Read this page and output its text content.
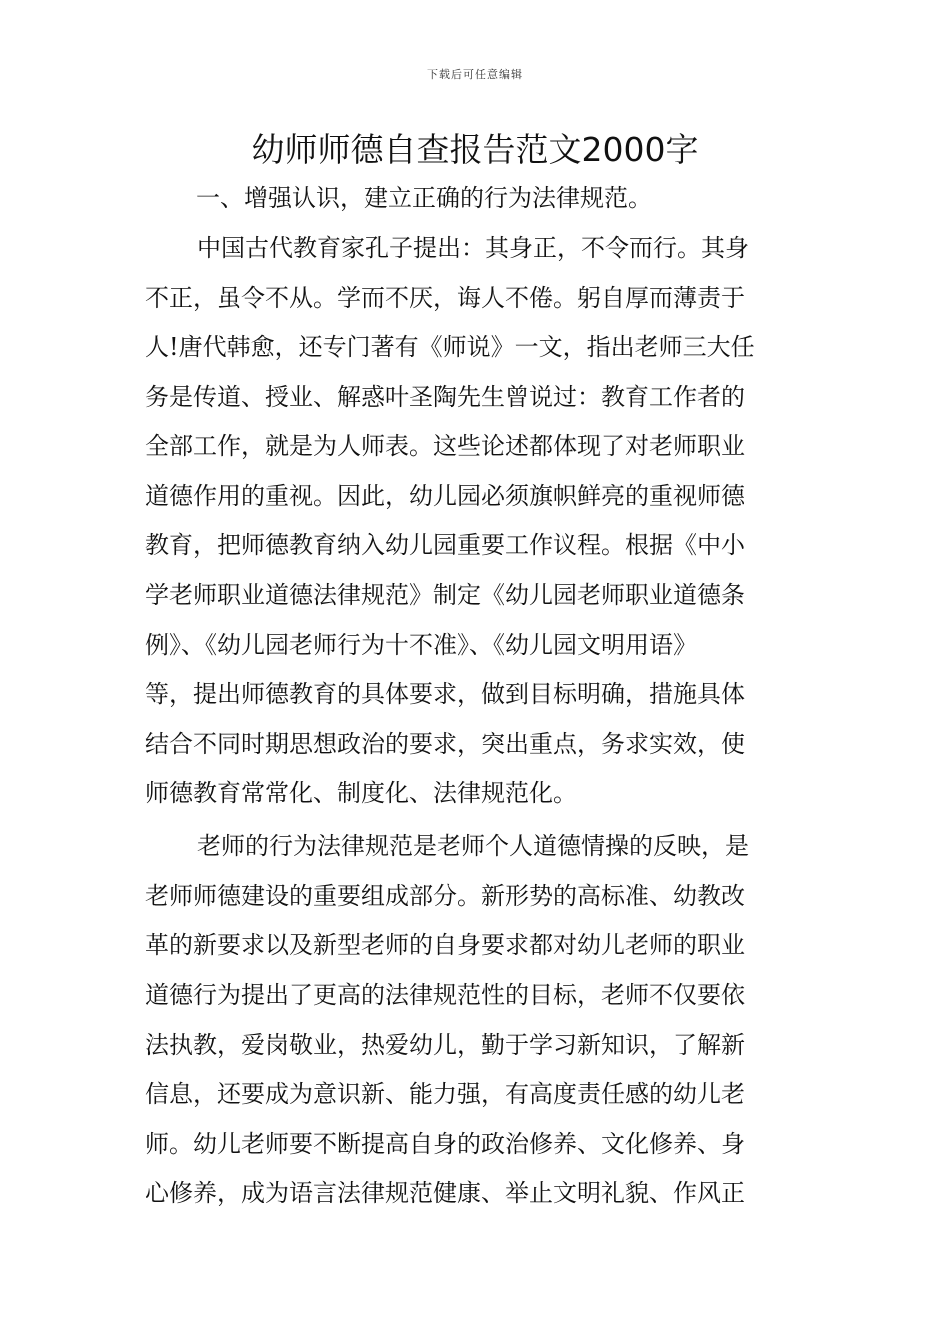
下载后可任意编辑
幼师师德自查报告范文2000字
一、增强认识，建立正确的行为法律规范。
中国古代教育家孔子提出：其身正，不令而行。其身
不正，虽令不从。学而不厌，诲人不倦。躬自厚而薄责于
人!唐代韩愈，还专门著有《师说》一文，指出老师三大任
务是传道、授业、解惑叶圣陶先生曾说过：教育工作者的
全部工作，就是为人师表。这些论述都体现了对老师职业
道德作用的重视。因此，幼儿园必须旗帜鲜亮的重视师德
教育，把师德教育纳入幼儿园重要工作议程。根据《中小
学老师职业道德法律规范》制定《幼儿园老师职业道德条
例》、《幼儿园老师行为十不准》、《幼儿园文明用语》
等，提出师德教育的具体要求，做到目标明确，措施具体
结合不同时期思想政治的要求，突出重点，务求实效，使
师德教育常常化、制度化、法律规范化。
老师的行为法律规范是老师个人道德情操的反映，是
老师师德建设的重要组成部分。新形势的高标准、幼教改
革的新要求以及新型老师的自身要求都对幼儿老师的职业
道德行为提出了更高的法律规范性的目标，老师不仅要依
法执教，爱岗敬业，热爱幼儿，勤于学习新知识，了解新
信息，还要成为意识新、能力强，有高度责任感的幼儿老
师。幼儿老师要不断提高自身的政治修养、文化修养、身
心修养，成为语言法律规范健康、举止文明礼貌、作风正
